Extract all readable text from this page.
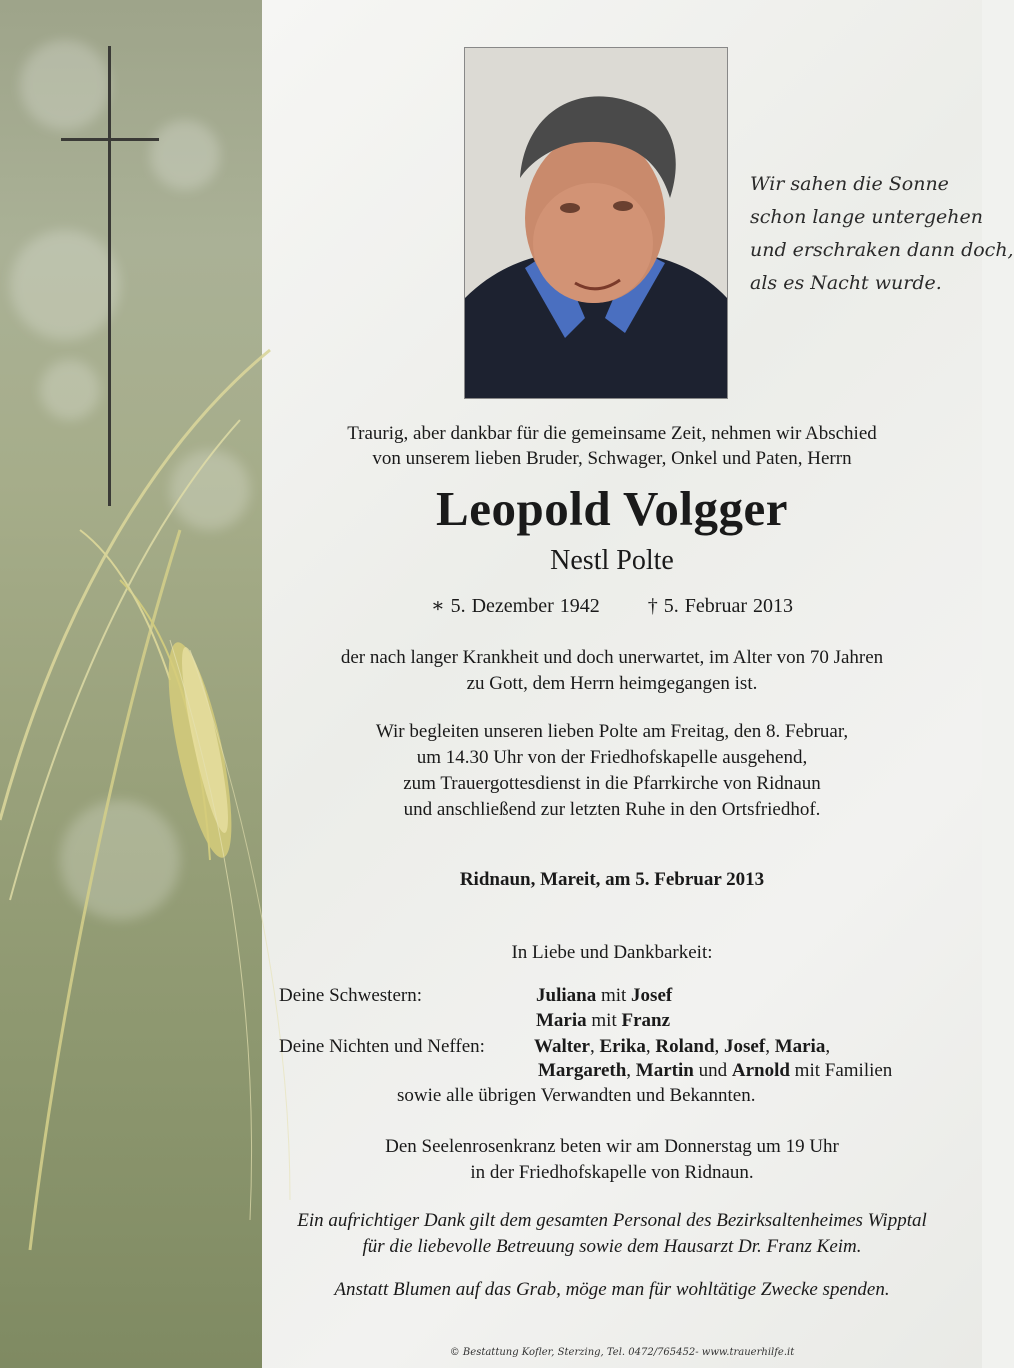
Wir sahen die Sonne
schon lange untergehen
und erschraken dann doch,
als es Nacht wurde.
Traurig, aber dankbar für die gemeinsame Zeit, nehmen wir Abschied
von unserem lieben Bruder, Schwager, Onkel und Paten, Herrn
Leopold Volgger
Nestl Polte
∗ 5. Dezember 1942 † 5. Februar 2013
der nach langer Krankheit und doch unerwartet, im Alter von 70 Jahren
zu Gott, dem Herrn heimgegangen ist.
Wir begleiten unseren lieben Polte am Freitag, den 8. Februar,
um 14.30 Uhr von der Friedhofskapelle ausgehend,
zum Trauergottesdienst in die Pfarrkirche von Ridnaun
und anschließend zur letzten Ruhe in den Ortsfriedhof.
Ridnaun, Mareit, am 5. Februar 2013
In Liebe und Dankbarkeit:
Deine Schwestern:	Juliana mit Josef
Maria mit Franz
Deine Nichten und Neffen:	Walter, Erika, Roland, Josef, Maria,
Margareth, Martin und Arnold mit Familien
sowie alle übrigen Verwandten und Bekannten.
Den Seelenrosenkranz beten wir am Donnerstag um 19 Uhr
in der Friedhofskapelle von Ridnaun.
Ein aufrichtiger Dank gilt dem gesamten Personal des Bezirksaltenheimes Wipptal
für die liebevolle Betreuung sowie dem Hausarzt Dr. Franz Keim.
Anstatt Blumen auf das Grab, möge man für wohltätige Zwecke spenden.
© Bestattung Kofler, Sterzing, Tel. 0472/765452- www.trauerhilfe.it
